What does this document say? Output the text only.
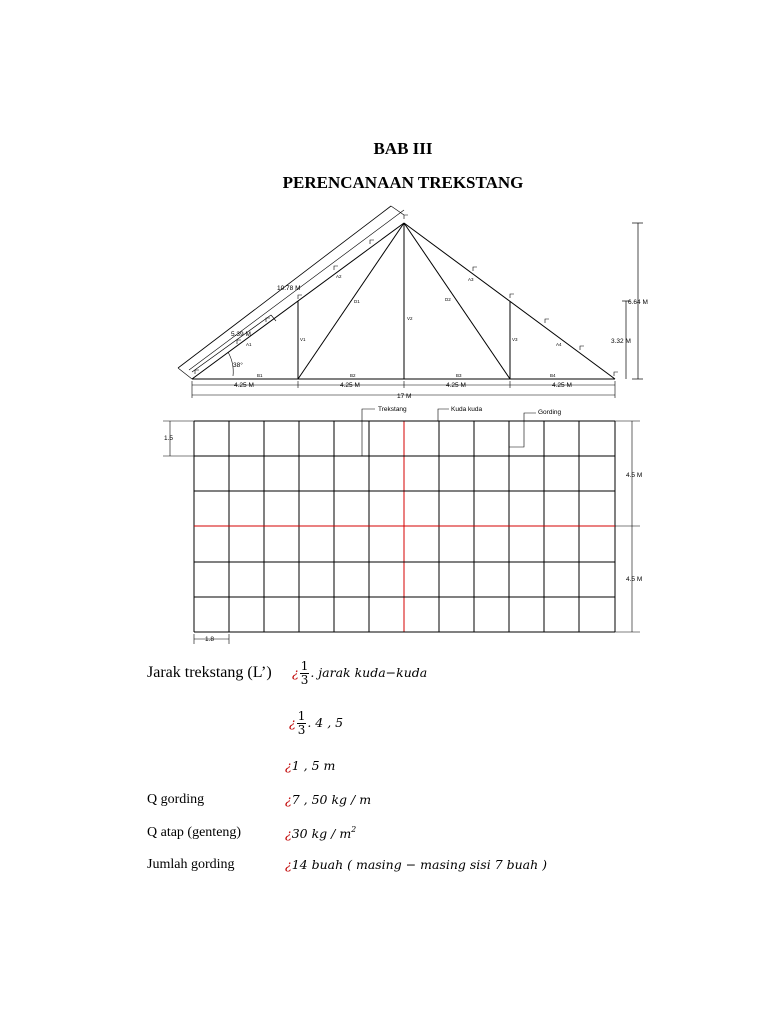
BAB III
PERENCANAAN TREKSTANG
10.78 M
5.39 M
38°
6.64 M
3.32 M
17 M
4.25 M	4.25 M	4.25 M	4.25 M
A1
A2
A3
A4
B1	B2	B3	B4
D1	D2
V1
V2
V3
Trekstang	Kuda kuda	Gording
1.5
4.5 M
4.5 M
1.8
Jarak trekstang (L’) ¿ $\frac{1}{3}$ . jarak kuda−kuda
¿ $\frac{1}{3}$ . 4 , 5
¿1 , 5 m
Q gording	¿7 , 50 kg / m
Q atap (genteng)	¿30 kg / $m^2$
Jumlah gording	¿14 buah ( masing − masing sisi 7 buah )
